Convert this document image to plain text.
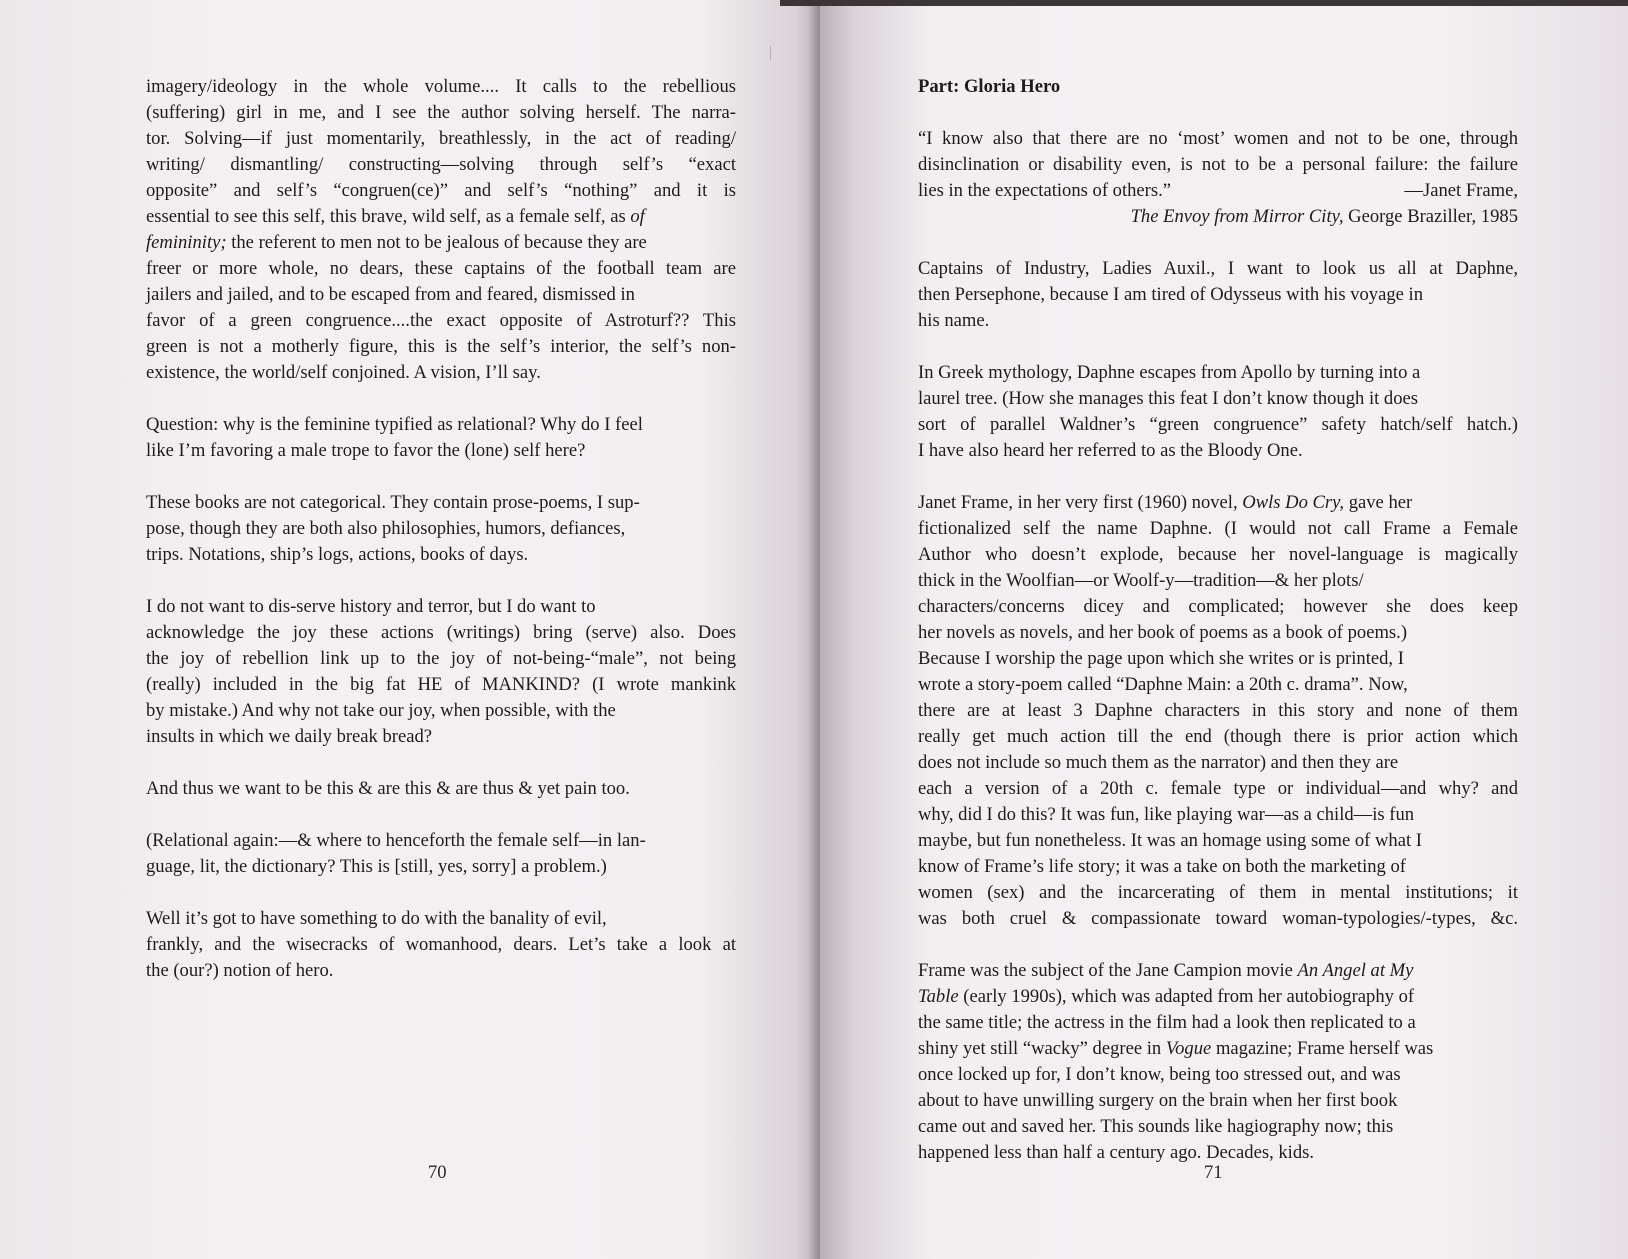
imagery/ideology in the whole volume.... It calls to the rebellious
(suffering) girl in me, and I see the author solving herself. The narra-
tor. Solving—if just momentarily, breathlessly, in the act of reading/
writing/ dismantling/ constructing—solving through self’s “exact
opposite” and self’s “congruen(ce)” and self’s “nothing” and it is
essential to see this self, this brave, wild self, as a female self, as of
femininity; the referent to men not to be jealous of because they are
freer or more whole, no dears, these captains of the football team are
jailers and jailed, and to be escaped from and feared, dismissed in
favor of a green congruence....the exact opposite of Astroturf?? This
green is not a motherly figure, this is the self’s interior, the self’s non-
existence, the world/self conjoined. A vision, I’ll say.

Question: why is the feminine typified as relational? Why do I feel
like I’m favoring a male trope to favor the (lone) self here?

These books are not categorical. They contain prose-poems, I sup-
pose, though they are both also philosophies, humors, defiances,
trips. Notations, ship’s logs, actions, books of days.

I do not want to dis-serve history and terror, but I do want to
acknowledge the joy these actions (writings) bring (serve) also. Does
the joy of rebellion link up to the joy of not-being-“male”, not being
(really) included in the big fat HE of MANKIND? (I wrote mankink
by mistake.) And why not take our joy, when possible, with the
insults in which we daily break bread?

And thus we want to be this & are this & are thus & yet pain too.

(Relational again:—& where to henceforth the female self—in lan-
guage, lit, the dictionary? This is [still, yes, sorry] a problem.)

Well it’s got to have something to do with the banality of evil,
frankly, and the wisecracks of womanhood, dears. Let’s take a look at
the (our?) notion of hero.

70
Part: Gloria Hero
“I know also that there are no ‘most’ women and not to be one, through
disinclination or disability even, is not to be a personal failure: the failure
lies in the expectations of others.”	—Janet Frame,
The Envoy from Mirror City, George Braziller, 1985

Captains of Industry, Ladies Auxil., I want to look us all at Daphne,
then Persephone, because I am tired of Odysseus with his voyage in
his name.

In Greek mythology, Daphne escapes from Apollo by turning into a
laurel tree. (How she manages this feat I don’t know though it does
sort of parallel Waldner’s “green congruence” safety hatch/self hatch.)
I have also heard her referred to as the Bloody One.

Janet Frame, in her very first (1960) novel, Owls Do Cry, gave her
fictionalized self the name Daphne. (I would not call Frame a Female
Author who doesn’t explode, because her novel-language is magically
thick in the Woolfian—or Woolf-y—tradition—& her plots/
characters/concerns dicey and complicated; however she does keep
her novels as novels, and her book of poems as a book of poems.)
Because I worship the page upon which she writes or is printed, I
wrote a story-poem called “Daphne Main: a 20th c. drama”. Now,
there are at least 3 Daphne characters in this story and none of them
really get much action till the end (though there is prior action which
does not include so much them as the narrator) and then they are
each a version of a 20th c. female type or individual—and why? and
why, did I do this? It was fun, like playing war—as a child—is fun
maybe, but fun nonetheless. It was an homage using some of what I
know of Frame’s life story; it was a take on both the marketing of
women (sex) and the incarcerating of them in mental institutions; it
was both cruel & compassionate toward woman-typologies/-types, &c.

Frame was the subject of the Jane Campion movie An Angel at My
Table (early 1990s), which was adapted from her autobiography of
the same title; the actress in the film had a look then replicated to a
shiny yet still “wacky” degree in Vogue magazine; Frame herself was
once locked up for, I don’t know, being too stressed out, and was
about to have unwilling surgery on the brain when her first book
came out and saved her. This sounds like hagiography now; this
happened less than half a century ago. Decades, kids.

71
